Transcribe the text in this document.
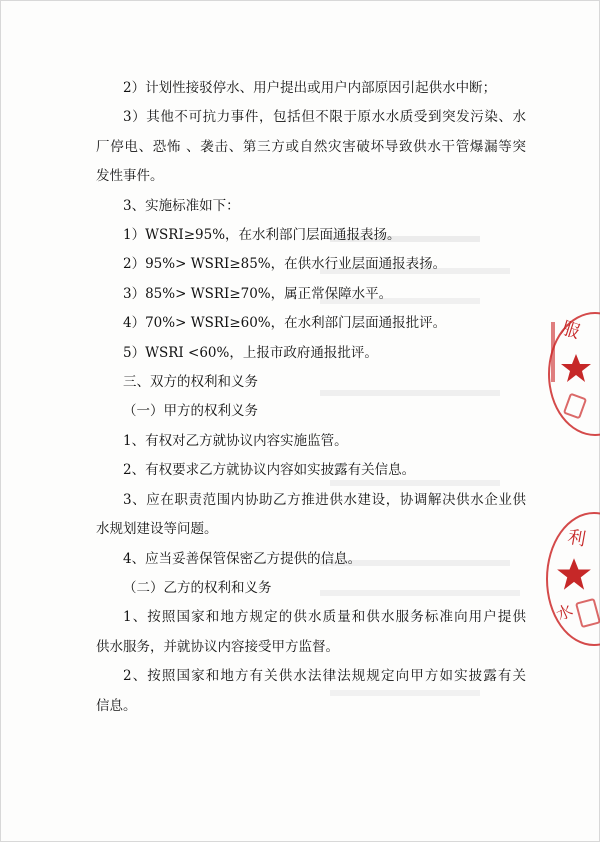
2）计划性接驳停水、用户提出或用户内部原因引起供水中断；
3）其他不可抗力事件，包括但不限于原水水质受到突发污染、水
厂停电、恐怖 、袭击、第三方或自然灾害破坏导致供水干管爆漏等突
发性事件。
3、实施标准如下：
1）WSRI≥95%，在水利部门层面通报表扬。
2）95%> WSRI≥85%，在供水行业层面通报表扬。
3）85%> WSRI≥70%，属正常保障水平。
4）70%> WSRI≥60%，在水利部门层面通报批评。
5）WSRI <60%，上报市政府通报批评。
三、双方的权利和义务
（一）甲方的权利义务
1、有权对乙方就协议内容实施监管。
2、有权要求乙方就协议内容如实披露有关信息。
3、应在职责范围内协助乙方推进供水建设，协调解决供水企业供
水规划建设等问题。
4、应当妥善保管保密乙方提供的信息。
（二）乙方的权利和义务
1、按照国家和地方规定的供水质量和供水服务标准向用户提供
供水服务，并就协议内容接受甲方监督。
2、按照国家和地方有关供水法律法规规定向甲方如实披露有关
信息。
服
利
水
